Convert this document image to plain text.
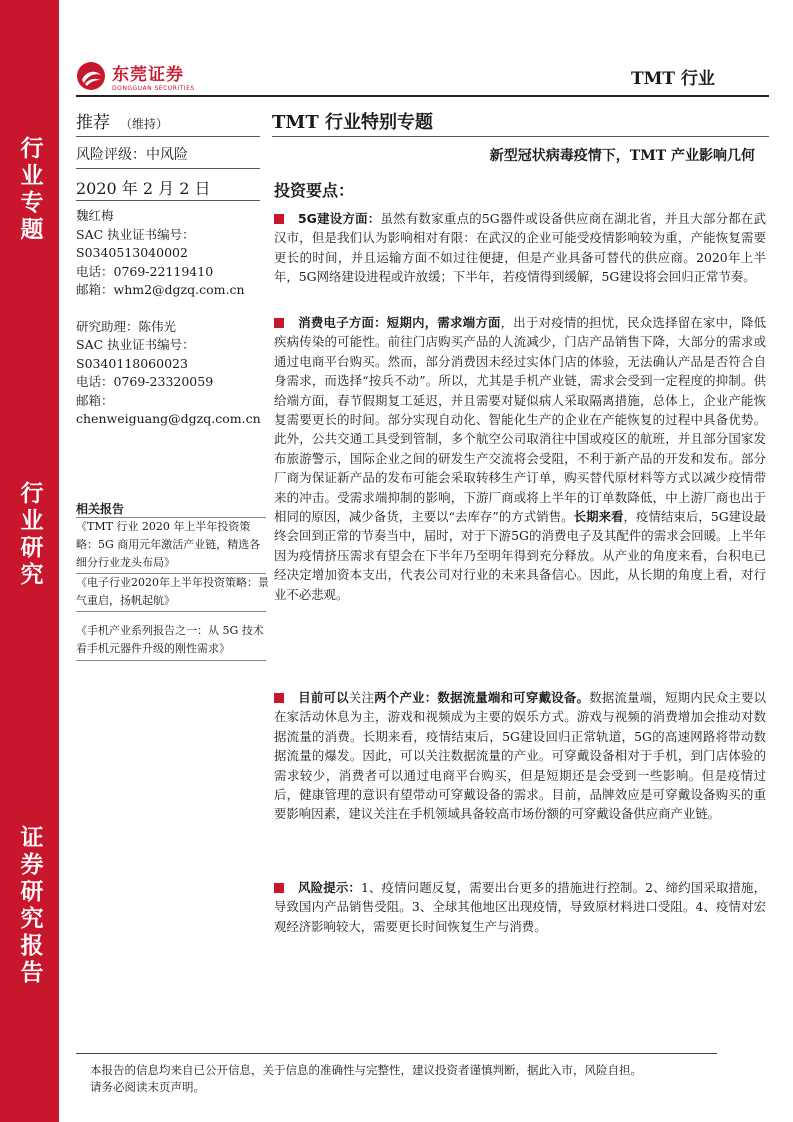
行业专题
行业研究
证券研究报告
东莞证券
DONGGUAN SECURITIES	TMT 行业
推荐 （维持）	TMT 行业特别专题
风险评级：中风险	新型冠状病毒疫情下，TMT 产业影响几何
2020 年 2 月 2 日
魏红梅
SAC 执业证书编号：
S0340513040002
电话：0769-22119410
邮箱：whm2@dgzq.com.cn
研究助理：陈伟光
SAC 执业证书编号：
S0340118060023
电话：0769-23320059
邮箱：
chenweiguang@dgzq.com.cn
相关报告
《TMT 行业 2020 年上半年投资策略：5G 商用元年激活产业链，精选各细分行业龙头布局》
《电子行业2020年上半年投资策略：景气重启，扬帆起航》
《手机产业系列报告之一：从 5G 技术看手机元器件升级的刚性需求》
投资要点：
5G建设方面：虽然有数家重点的5G器件或设备供应商在湖北省，并且大部分都在武汉市，但是我们认为影响相对有限：在武汉的企业可能受疫情影响较为重，产能恢复需要更长的时间，并且运输方面不如过往便捷，但是产业具备可替代的供应商。2020年上半年，5G网络建设进程或许放缓；下半年，若疫情得到缓解，5G建设将会回归正常节奏。
消费电子方面：短期内，需求端方面，出于对疫情的担忧，民众选择留在家中，降低疾病传染的可能性。前往门店购买产品的人流减少，门店产品销售下降，大部分的需求或通过电商平台购买。然而，部分消费因未经过实体门店的体验，无法确认产品是否符合自身需求，而选择“按兵不动”。所以，尤其是手机产业链，需求会受到一定程度的抑制。供给端方面，春节假期复工延迟，并且需要对疑似病人采取隔离措施，总体上，企业产能恢复需要更长的时间。部分实现自动化、智能化生产的企业在产能恢复的过程中具备优势。此外，公共交通工具受到管制，多个航空公司取消往中国或疫区的航班，并且部分国家发布旅游警示，国际企业之间的研发生产交流将会受阻，不利于新产品的开发和发布。部分厂商为保证新产品的发布可能会采取转移生产订单，购买替代原材料等方式以减少疫情带来的冲击。受需求端抑制的影响，下游厂商或将上半年的订单数降低，中上游厂商也出于相同的原因，减少备货，主要以“去库存”的方式销售。长期来看，疫情结束后，5G建设最终会回到正常的节奏当中，届时，对于下游5G的消费电子及其配件的需求会回暖。上半年因为疫情挤压需求有望会在下半年乃至明年得到充分释放。从产业的角度来看，台积电已经决定增加资本支出，代表公司对行业的未来具备信心。因此，从长期的角度上看，对行业不必悲观。
目前可以关注两个产业：数据流量端和可穿戴设备。数据流量端，短期内民众主要以在家活动休息为主，游戏和视频成为主要的娱乐方式。游戏与视频的消费增加会推动对数据流量的消费。长期来看，疫情结束后，5G建设回归正常轨道，5G的高速网路将带动数据流量的爆发。因此，可以关注数据流量的产业。可穿戴设备相对于手机，到门店体验的需求较少，消费者可以通过电商平台购买，但是短期还是会受到一些影响。但是疫情过后，健康管理的意识有望带动可穿戴设备的需求。目前，品牌效应是可穿戴设备购买的重要影响因素，建议关注在手机领域具备较高市场份额的可穿戴设备供应商产业链。
风险提示：1、疫情问题反复，需要出台更多的措施进行控制。2、缔约国采取措施，导致国内产品销售受阻。3、全球其他地区出现疫情，导致原材料进口受阻。4、疫情对宏观经济影响较大，需要更长时间恢复生产与消费。
本报告的信息均来自已公开信息，关于信息的准确性与完整性，建议投资者谨慎判断，据此入市，风险自担。
请务必阅读末页声明。
